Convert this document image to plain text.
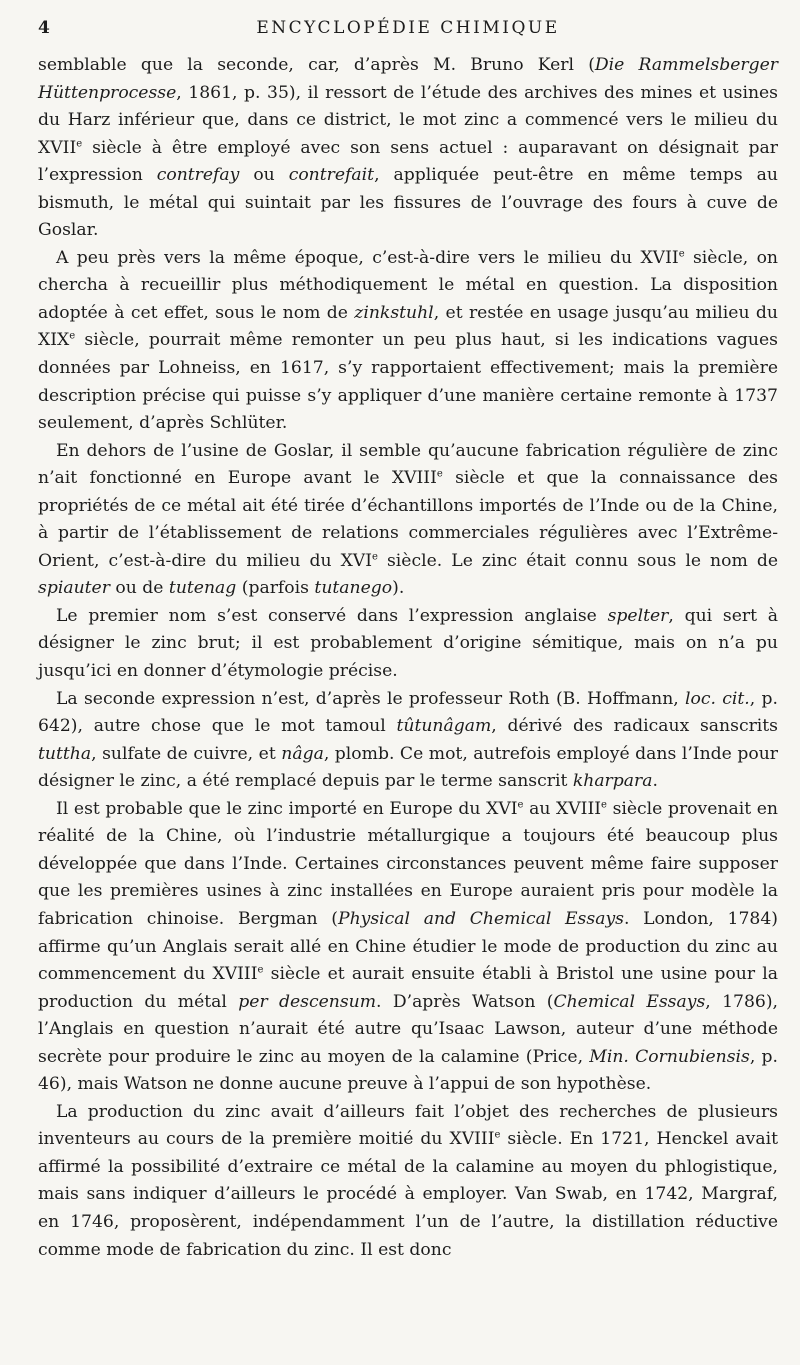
4	ENCYCLOPÉDIE CHIMIQUE

semblable que la seconde, car, d’après M. Bruno Kerl (Die Rammelsberger Hüttenprocesse, 1861, p. 35), il ressort de l’étude des archives des mines et usines du Harz inférieur que, dans ce district, le mot zinc a commencé vers le milieu du XVIIe siècle à être employé avec son sens actuel : auparavant on désignait par l’expression contrefay ou contrefait, appliquée peut-être en même temps au bismuth, le métal qui suintait par les fissures de l’ouvrage des fours à cuve de Goslar.

A peu près vers la même époque, c’est-à-dire vers le milieu du XVIIe siècle, on chercha à recueillir plus méthodiquement le métal en question. La disposition adoptée à cet effet, sous le nom de zinkstuhl, et restée en usage jusqu’au milieu du XIXe siècle, pourrait même remonter un peu plus haut, si les indications vagues données par Lohneiss, en 1617, s’y rapportaient effectivement; mais la première description précise qui puisse s’y appliquer d’une manière certaine remonte à 1737 seulement, d’après Schlüter.

En dehors de l’usine de Goslar, il semble qu’aucune fabrication régulière de zinc n’ait fonctionné en Europe avant le XVIIIe siècle et que la connaissance des propriétés de ce métal ait été tirée d’échantillons importés de l’Inde ou de la Chine, à partir de l’établissement de relations commerciales régulières avec l’Extrême-Orient, c’est-à-dire du milieu du XVIe siècle. Le zinc était connu sous le nom de spiauter ou de tutenag (parfois tutanego).

Le premier nom s’est conservé dans l’expression anglaise spelter, qui sert à désigner le zinc brut; il est probablement d’origine sémitique, mais on n’a pu jusqu’ici en donner d’étymologie précise.

La seconde expression n’est, d’après le professeur Roth (B. Hoffmann, loc. cit., p. 642), autre chose que le mot tamoul tûtunâgam, dérivé des radicaux sanscrits tuttha, sulfate de cuivre, et nâga, plomb. Ce mot, autrefois employé dans l’Inde pour désigner le zinc, a été remplacé depuis par le terme sanscrit kharpara.

Il est probable que le zinc importé en Europe du XVIe au XVIIIe siècle provenait en réalité de la Chine, où l’industrie métallurgique a toujours été beaucoup plus développée que dans l’Inde. Certaines circonstances peuvent même faire supposer que les premières usines à zinc installées en Europe auraient pris pour modèle la fabrication chinoise. Bergman (Physical and Chemical Essays. London, 1784) affirme qu’un Anglais serait allé en Chine étudier le mode de production du zinc au commencement du XVIIIe siècle et aurait ensuite établi à Bristol une usine pour la production du métal per descensum. D’après Watson (Chemical Essays, 1786), l’Anglais en question n’aurait été autre qu’Isaac Lawson, auteur d’une méthode secrète pour produire le zinc au moyen de la calamine (Price, Min. Cornubiensis, p. 46), mais Watson ne donne aucune preuve à l’appui de son hypothèse.

La production du zinc avait d’ailleurs fait l’objet des recherches de plusieurs inventeurs au cours de la première moitié du XVIIIe siècle. En 1721, Henckel avait affirmé la possibilité d’extraire ce métal de la calamine au moyen du phlogistique, mais sans indiquer d’ailleurs le procédé à employer. Van Swab, en 1742, Margraf, en 1746, proposèrent, indépendamment l’un de l’autre, la distillation réductive comme mode de fabrication du zinc. Il est donc
